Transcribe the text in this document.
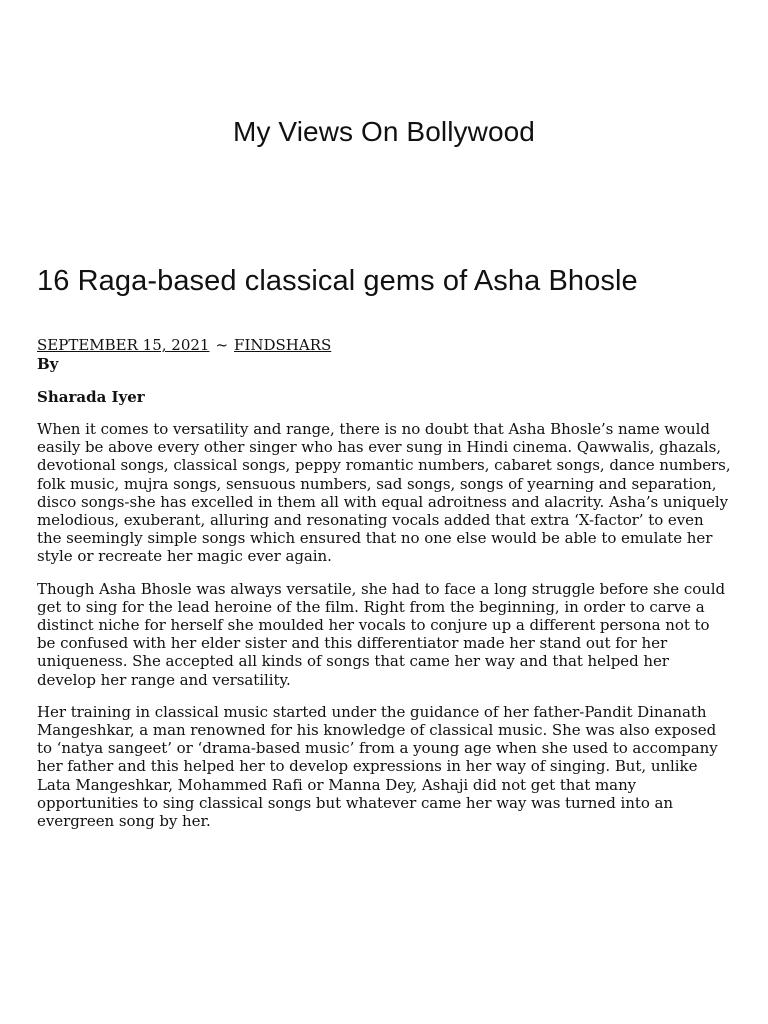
My Views On Bollywood
16 Raga-based classical gems of Asha Bhosle
SEPTEMBER 15, 2021 ~ FINDSHARS

By

Sharada Iyer

When it comes to versatility and range, there is no doubt that Asha Bhosle’s name would easily be above every other singer who has ever sung in Hindi cinema. Qawwalis, ghazals, devotional songs, classical songs, peppy romantic numbers, cabaret songs, dance numbers, folk music, mujra songs, sensuous numbers, sad songs, songs of yearning and separation, disco songs-she has excelled in them all with equal adroitness and alacrity. Asha’s uniquely melodious, exuberant, alluring and resonating vocals added that extra ‘X-factor’ to even the seemingly simple songs which ensured that no one else would be able to emulate her style or recreate her magic ever again.

Though Asha Bhosle was always versatile, she had to face a long struggle before she could get to sing for the lead heroine of the film. Right from the beginning, in order to carve a distinct niche for herself she moulded her vocals to conjure up a different persona not to be confused with her elder sister and this differentiator made her stand out for her uniqueness. She accepted all kinds of songs that came her way and that helped her develop her range and versatility.

Her training in classical music started under the guidance of her father-Pandit Dinanath Mangeshkar, a man renowned for his knowledge of classical music. She was also exposed to ‘natya sangeet’ or ‘drama-based music’ from a young age when she used to accompany her father and this helped her to develop expressions in her way of singing. But, unlike Lata Mangeshkar, Mohammed Rafi or Manna Dey, Ashaji did not get that many opportunities to sing classical songs but whatever came her way was turned into an evergreen song by her.
